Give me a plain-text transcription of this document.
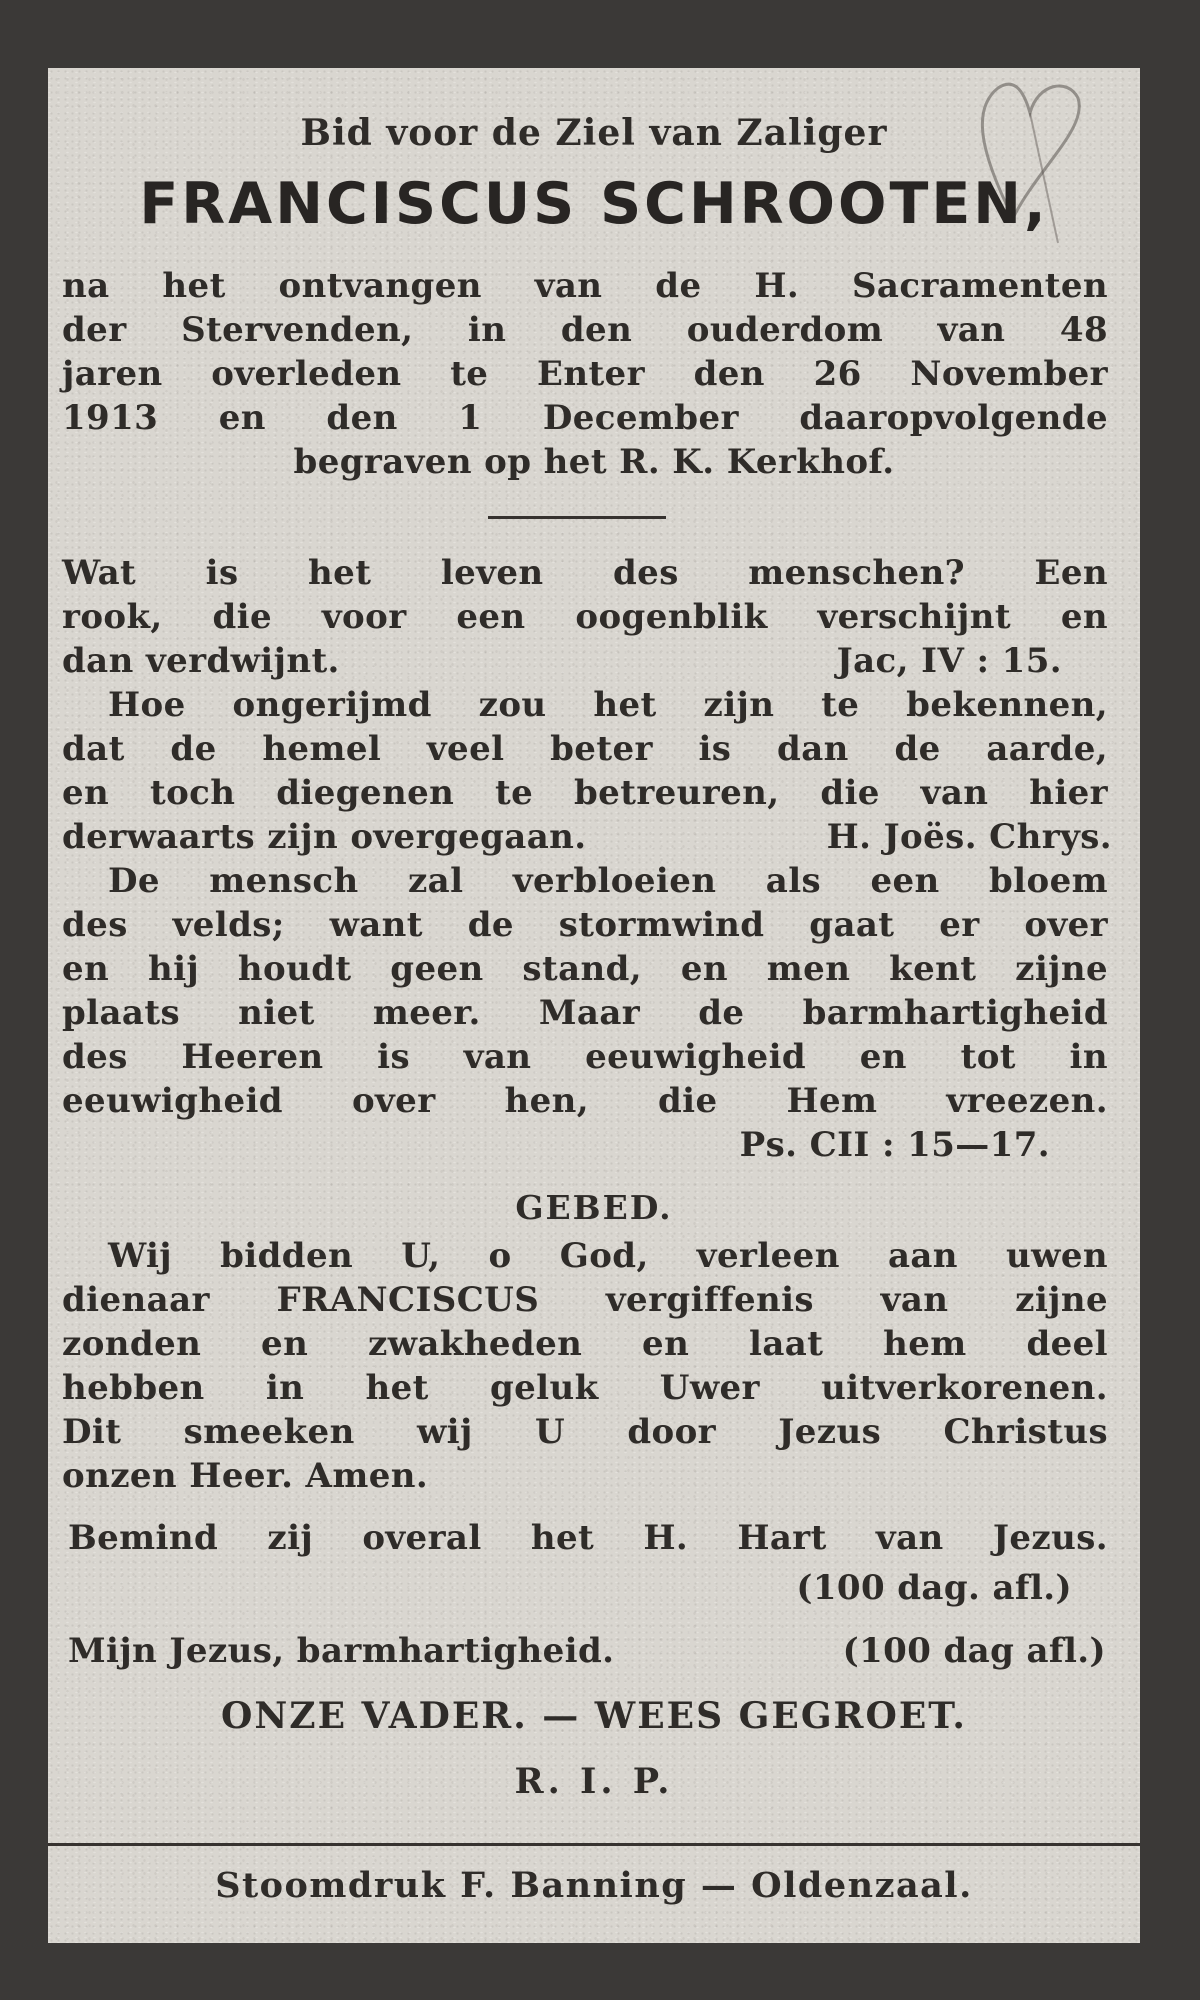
Bid voor de Ziel van Zaliger

FRANCISCUS SCHROOTEN,

na het ontvangen van de H. Sacramenten

der Stervenden, in den ouderdom van 48

jaren overleden te Enter den 26 November

1913 en den 1 December daaropvolgende

begraven op het R. K. Kerkhof.

Wat is het leven des menschen? Een

rook, die voor een oogenblik verschijnt en

dan verdwijnt.	Jac, IV : 15.

Hoe ongerijmd zou het zijn te bekennen,

dat de hemel veel beter is dan de aarde,

en toch diegenen te betreuren, die van hier

derwaarts zijn overgegaan.	H. Joës. Chrys.

De mensch zal verbloeien als een bloem

des velds; want de stormwind gaat er over

en hij houdt geen stand, en men kent zijne

plaats niet meer. Maar de barmhartigheid

des Heeren is van eeuwigheid en tot in

eeuwigheid over hen, die Hem vreezen.

Ps. CII : 15—17.

GEBED.

Wij bidden U, o God, verleen aan uwen

dienaar FRANCISCUS vergiffenis van zijne

zonden en zwakheden en laat hem deel

hebben in het geluk Uwer uitverkorenen.

Dit smeeken wij U door Jezus Christus

onzen Heer. Amen.

Bemind zij overal het H. Hart van Jezus.

(100 dag. afl.)

Mijn Jezus, barmhartigheid.	(100 dag afl.)

ONZE VADER. — WEES GEGROET.

R. I. P.

Stoomdruk F. Banning — Oldenzaal.
